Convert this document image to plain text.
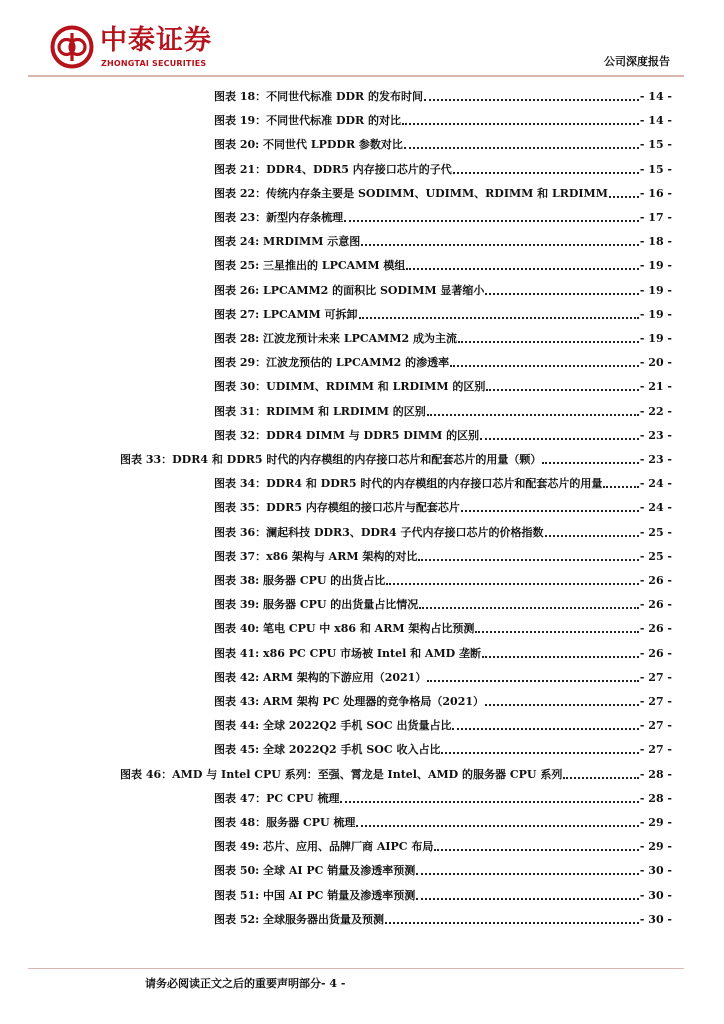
中泰证券
ZHONGTAI SECURITIES	公司深度报告
图表 18：不同世代标准 DDR 的发布时间	- 14 -
图表 19：不同世代标准 DDR 的对比	- 14 -
图表 20: 不同世代 LPDDR 参数对比	- 15 -
图表 21：DDR4、DDR5 内存接口芯片的子代	- 15 -
图表 22：传统内存条主要是 SODIMM、UDIMM、RDIMM 和 LRDIMM	- 16 -
图表 23：新型内存条梳理	- 17 -
图表 24: MRDIMM 示意图	- 18 -
图表 25: 三星推出的 LPCAMM 模组	- 19 -
图表 26: LPCAMM2 的面积比 SODIMM 显著缩小	- 19 -
图表 27: LPCAMM 可拆卸	- 19 -
图表 28: 江波龙预计未来 LPCAMM2 成为主流	- 19 -
图表 29：江波龙预估的 LPCAMM2 的渗透率	- 20 -
图表 30：UDIMM、RDIMM 和 LRDIMM 的区别	- 21 -
图表 31：RDIMM 和 LRDIMM 的区别	- 22 -
图表 32：DDR4 DIMM 与 DDR5 DIMM 的区别	- 23 -
图表 33：DDR4 和 DDR5 时代的内存模组的内存接口芯片和配套芯片的用量（颗）	- 23 -
图表 34：DDR4 和 DDR5 时代的内存模组的内存接口芯片和配套芯片的用量	- 24 -
图表 35：DDR5 内存模组的接口芯片与配套芯片	- 24 -
图表 36：澜起科技 DDR3、DDR4 子代内存接口芯片的价格指数	- 25 -
图表 37：x86 架构与 ARM 架构的对比	- 25 -
图表 38: 服务器 CPU 的出货占比	- 26 -
图表 39: 服务器 CPU 的出货量占比情况	- 26 -
图表 40: 笔电 CPU 中 x86 和 ARM 架构占比预测	- 26 -
图表 41: x86 PC CPU 市场被 Intel 和 AMD 垄断	- 26 -
图表 42: ARM 架构的下游应用（2021）	- 27 -
图表 43: ARM 架构 PC 处理器的竞争格局（2021）	- 27 -
图表 44: 全球 2022Q2 手机 SOC 出货量占比	- 27 -
图表 45: 全球 2022Q2 手机 SOC 收入占比	- 27 -
图表 46：AMD 与 Intel CPU 系列：至强、霄龙是 Intel、AMD 的服务器 CPU 系列	- 28 -
图表 47：PC CPU 梳理	- 28 -
图表 48：服务器 CPU 梳理	- 29 -
图表 49: 芯片、应用、品牌厂商 AIPC 布局	- 29 -
图表 50: 全球 AI PC 销量及渗透率预测	- 30 -
图表 51: 中国 AI PC 销量及渗透率预测	- 30 -
图表 52: 全球服务器出货量及预测	- 30 -
请务必阅读正文之后的重要声明部分- 4 -
